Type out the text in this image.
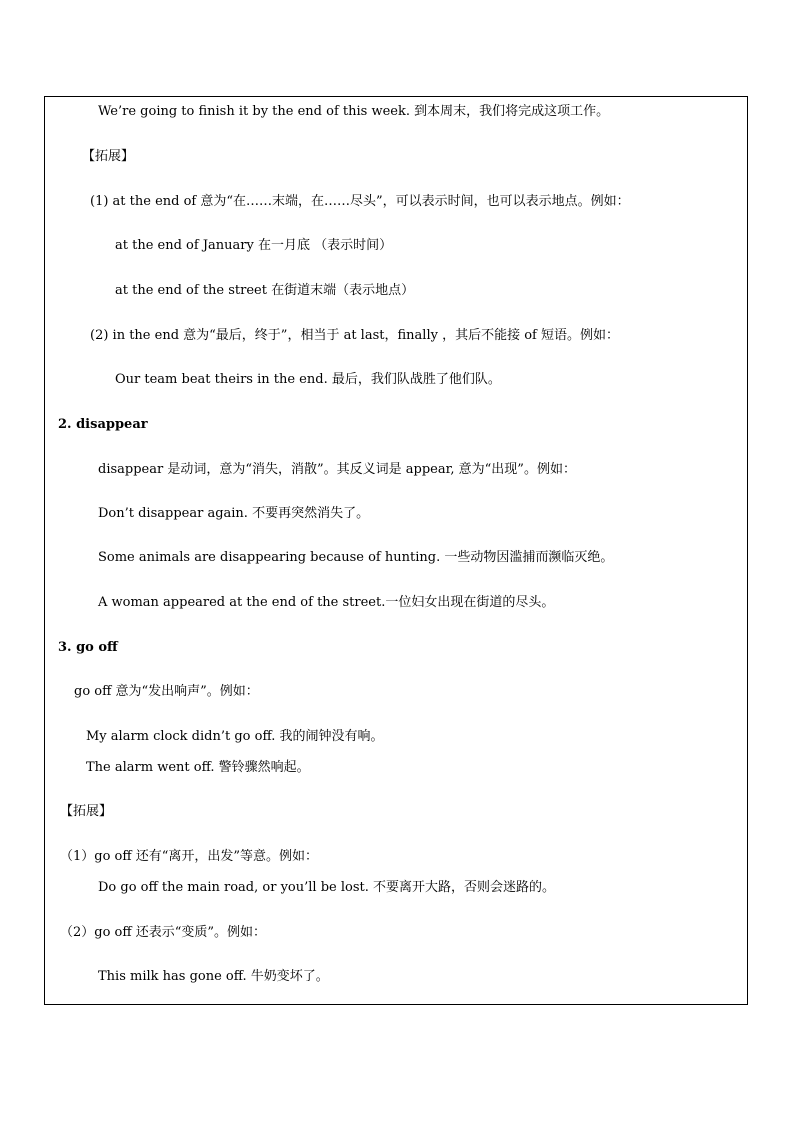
We’re going to finish it by the end of this week. 到本周末，我们将完成这项工作。
【拓展】
(1) at the end of 意为“在……末端，在……尽头”，可以表示时间，也可以表示地点。例如：
at the end of January 在一月底 （表示时间）
at the end of the street 在街道末端（表示地点）
(2) in the end 意为“最后，终于”，相当于 at last，finally ，其后不能接 of 短语。例如：
Our team beat theirs in the end. 最后，我们队战胜了他们队。
2. disappear
disappear 是动词，意为“消失，消散”。其反义词是 appear, 意为“出现”。例如：
Don’t disappear again. 不要再突然消失了。
Some animals are disappearing because of hunting. 一些动物因滥捕而濒临灭绝。
A woman appeared at the end of the street.一位妇女出现在街道的尽头。
3. go off
go off 意为“发出响声”。例如：
My alarm clock didn’t go off. 我的闹钟没有响。
The alarm went off. 警铃骤然响起。
【拓展】
（1）go off 还有“离开，出发”等意。例如：
Do go off the main road, or you’ll be lost. 不要离开大路，否则会迷路的。
（2）go off 还表示“变质”。例如：
This milk has gone off. 牛奶变坏了。
